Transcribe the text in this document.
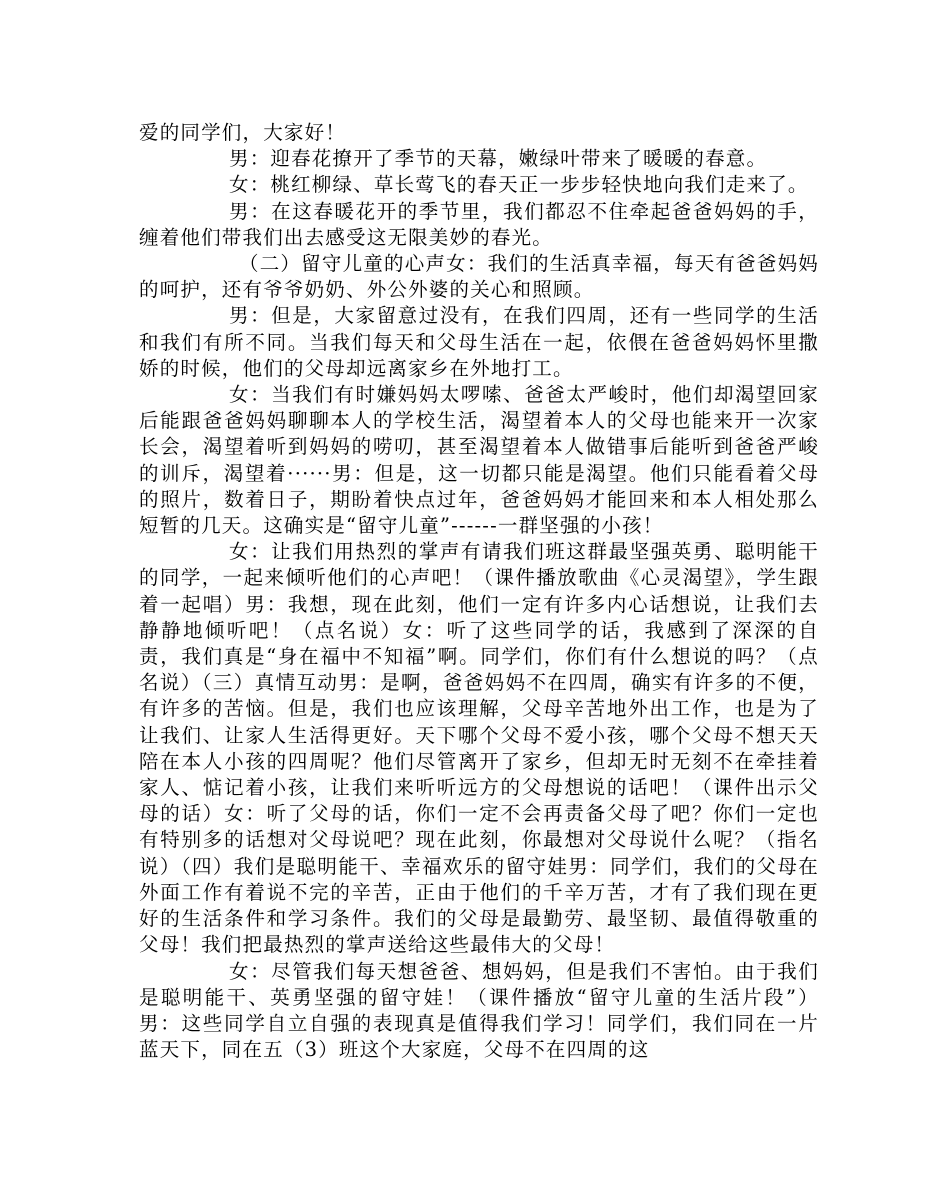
爱的同学们，大家好！

男：迎春花撩开了季节的天幕，嫩绿叶带来了暖暖的春意。

女：桃红柳绿、草长莺飞的春天正一步步轻快地向我们走来了。

男：在这春暖花开的季节里，我们都忍不住牵起爸爸妈妈的手，缠着他们带我们出去感受这无限美妙的春光。

（二）留守儿童的心声女：我们的生活真幸福，每天有爸爸妈妈的呵护，还有爷爷奶奶、外公外婆的关心和照顾。

男：但是，大家留意过没有，在我们四周，还有一些同学的生活和我们有所不同。当我们每天和父母生活在一起，依偎在爸爸妈妈怀里撒娇的时候，他们的父母却远离家乡在外地打工。

女：当我们有时嫌妈妈太啰嗦、爸爸太严峻时，他们却渴望回家后能跟爸爸妈妈聊聊本人的学校生活，渴望着本人的父母也能来开一次家长会，渴望着听到妈妈的唠叨，甚至渴望着本人做错事后能听到爸爸严峻的训斥，渴望着······男：但是，这一切都只能是渴望。他们只能看着父母的照片，数着日子，期盼着快点过年，爸爸妈妈才能回来和本人相处那么短暂的几天。这确实是“留守儿童”------一群坚强的小孩！

女：让我们用热烈的掌声有请我们班这群最坚强英勇、聪明能干的同学，一起来倾听他们的心声吧！（课件播放歌曲《心灵渴望》，学生跟着一起唱）男：我想，现在此刻，他们一定有许多内心话想说，让我们去静静地倾听吧！（点名说）女：听了这些同学的话，我感到了深深的自责，我们真是“身在福中不知福”啊。同学们，你们有什么想说的吗？（点名说）（三）真情互动男：是啊，爸爸妈妈不在四周，确实有许多的不便，有许多的苦恼。但是，我们也应该理解，父母辛苦地外出工作，也是为了让我们、让家人生活得更好。天下哪个父母不爱小孩，哪个父母不想天天陪在本人小孩的四周呢？他们尽管离开了家乡，但却无时无刻不在牵挂着家人、惦记着小孩，让我们来听听远方的父母想说的话吧！（课件出示父母的话）女：听了父母的话，你们一定不会再责备父母了吧？你们一定也有特别多的话想对父母说吧？现在此刻，你最想对父母说什么呢？（指名说）（四）我们是聪明能干、幸福欢乐的留守娃男：同学们，我们的父母在外面工作有着说不完的辛苦，正由于他们的千辛万苦，才有了我们现在更好的生活条件和学习条件。我们的父母是最勤劳、最坚韧、最值得敬重的父母！我们把最热烈的掌声送给这些最伟大的父母！

女：尽管我们每天想爸爸、想妈妈，但是我们不害怕。由于我们是聪明能干、英勇坚强的留守娃！（课件播放“留守儿童的生活片段”）男：这些同学自立自强的表现真是值得我们学习！同学们，我们同在一片蓝天下，同在五（3）班这个大家庭，父母不在四周的这
